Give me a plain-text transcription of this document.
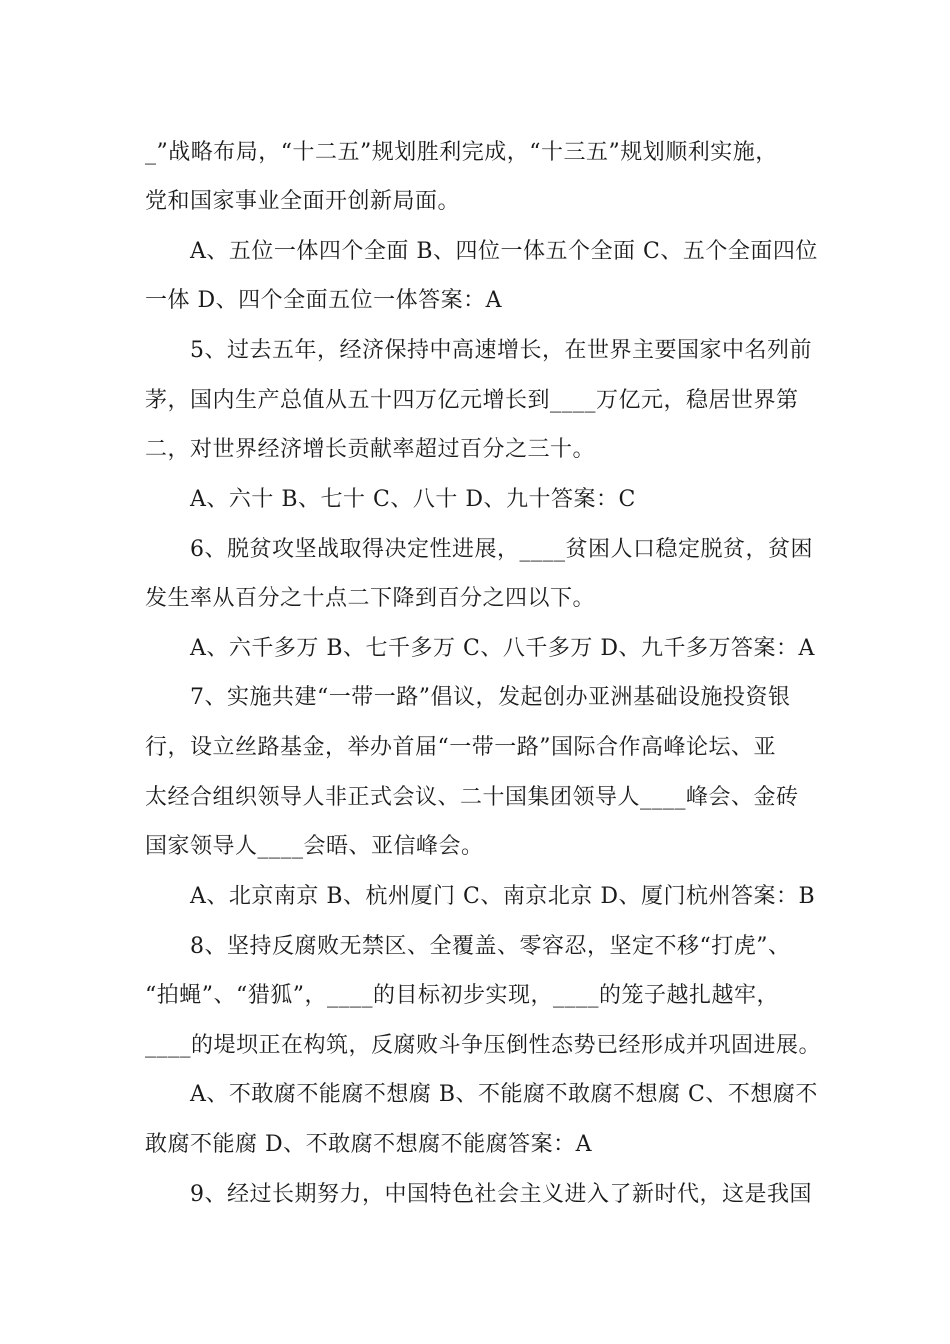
_”战略布局，“十二五”规划胜利完成，“十三五”规划顺利实施，
党和国家事业全面开创新局面。
A、五位一体四个全面 B、四位一体五个全面 C、五个全面四位
一体 D、四个全面五位一体答案：A
5、过去五年，经济保持中高速增长，在世界主要国家中名列前
茅，国内生产总值从五十四万亿元增长到____万亿元，稳居世界第
二，对世界经济增长贡献率超过百分之三十。
A、六十 B、七十 C、八十 D、九十答案：C
6、脱贫攻坚战取得决定性进展，____贫困人口稳定脱贫，贫困
发生率从百分之十点二下降到百分之四以下。
A、六千多万 B、七千多万 C、八千多万 D、九千多万答案：A
7、实施共建“一带一路”倡议，发起创办亚洲基础设施投资银
行，设立丝路基金，举办首届“一带一路”国际合作高峰论坛、亚
太经合组织领导人非正式会议、二十国集团领导人____峰会、金砖
国家领导人____会晤、亚信峰会。
A、北京南京 B、杭州厦门 C、南京北京 D、厦门杭州答案：B
8、坚持反腐败无禁区、全覆盖、零容忍，坚定不移“打虎”、
“拍蝇”、“猎狐”，____的目标初步实现，____的笼子越扎越牢，
____的堤坝正在构筑，反腐败斗争压倒性态势已经形成并巩固进展。
A、不敢腐不能腐不想腐 B、不能腐不敢腐不想腐 C、不想腐不
敢腐不能腐 D、不敢腐不想腐不能腐答案：A
9、经过长期努力，中国特色社会主义进入了新时代，这是我国
